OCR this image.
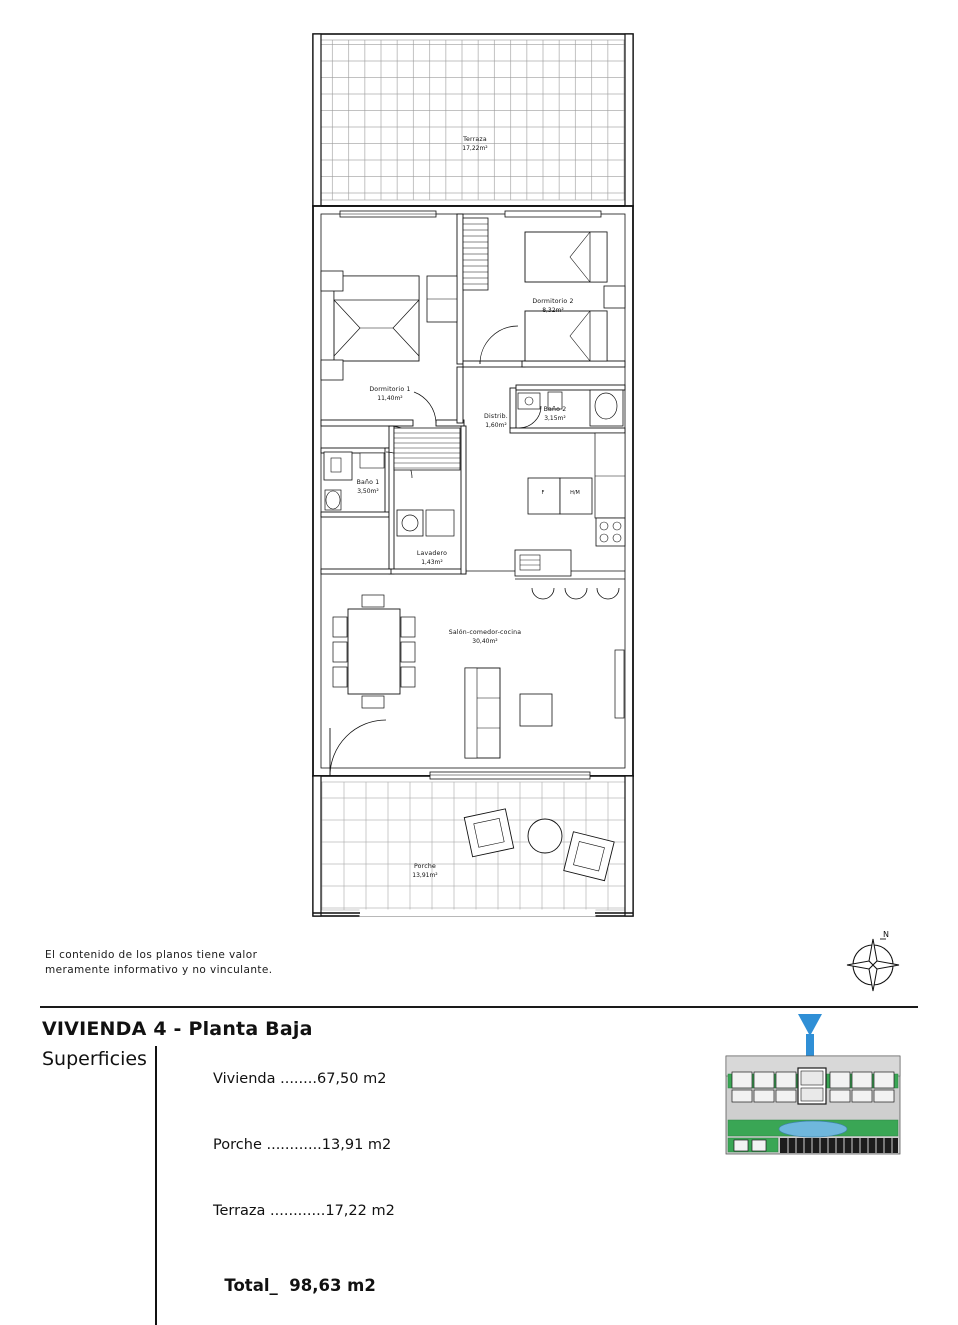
Terraza
17,22m²
Dormitorio 1
11,40m²
Dormitorio 2
8,32m²
Distrib.
1,60m²
Baño 2
3,15m²
Baño 1
3,50m²
Lavadero
1,43m²
Salón-comedor-cocina
30,40m²
Porche
13,91m²
F	H/M
El contenido de los planos tiene valor
meramente informativo y no vinculante.
N
VIVIENDA 4 - Planta Baja
Superficies

Vivienda ........67,50 m2

Porche ............13,91 m2

Terraza ............17,22 m2

Total_ 98,63 m2
